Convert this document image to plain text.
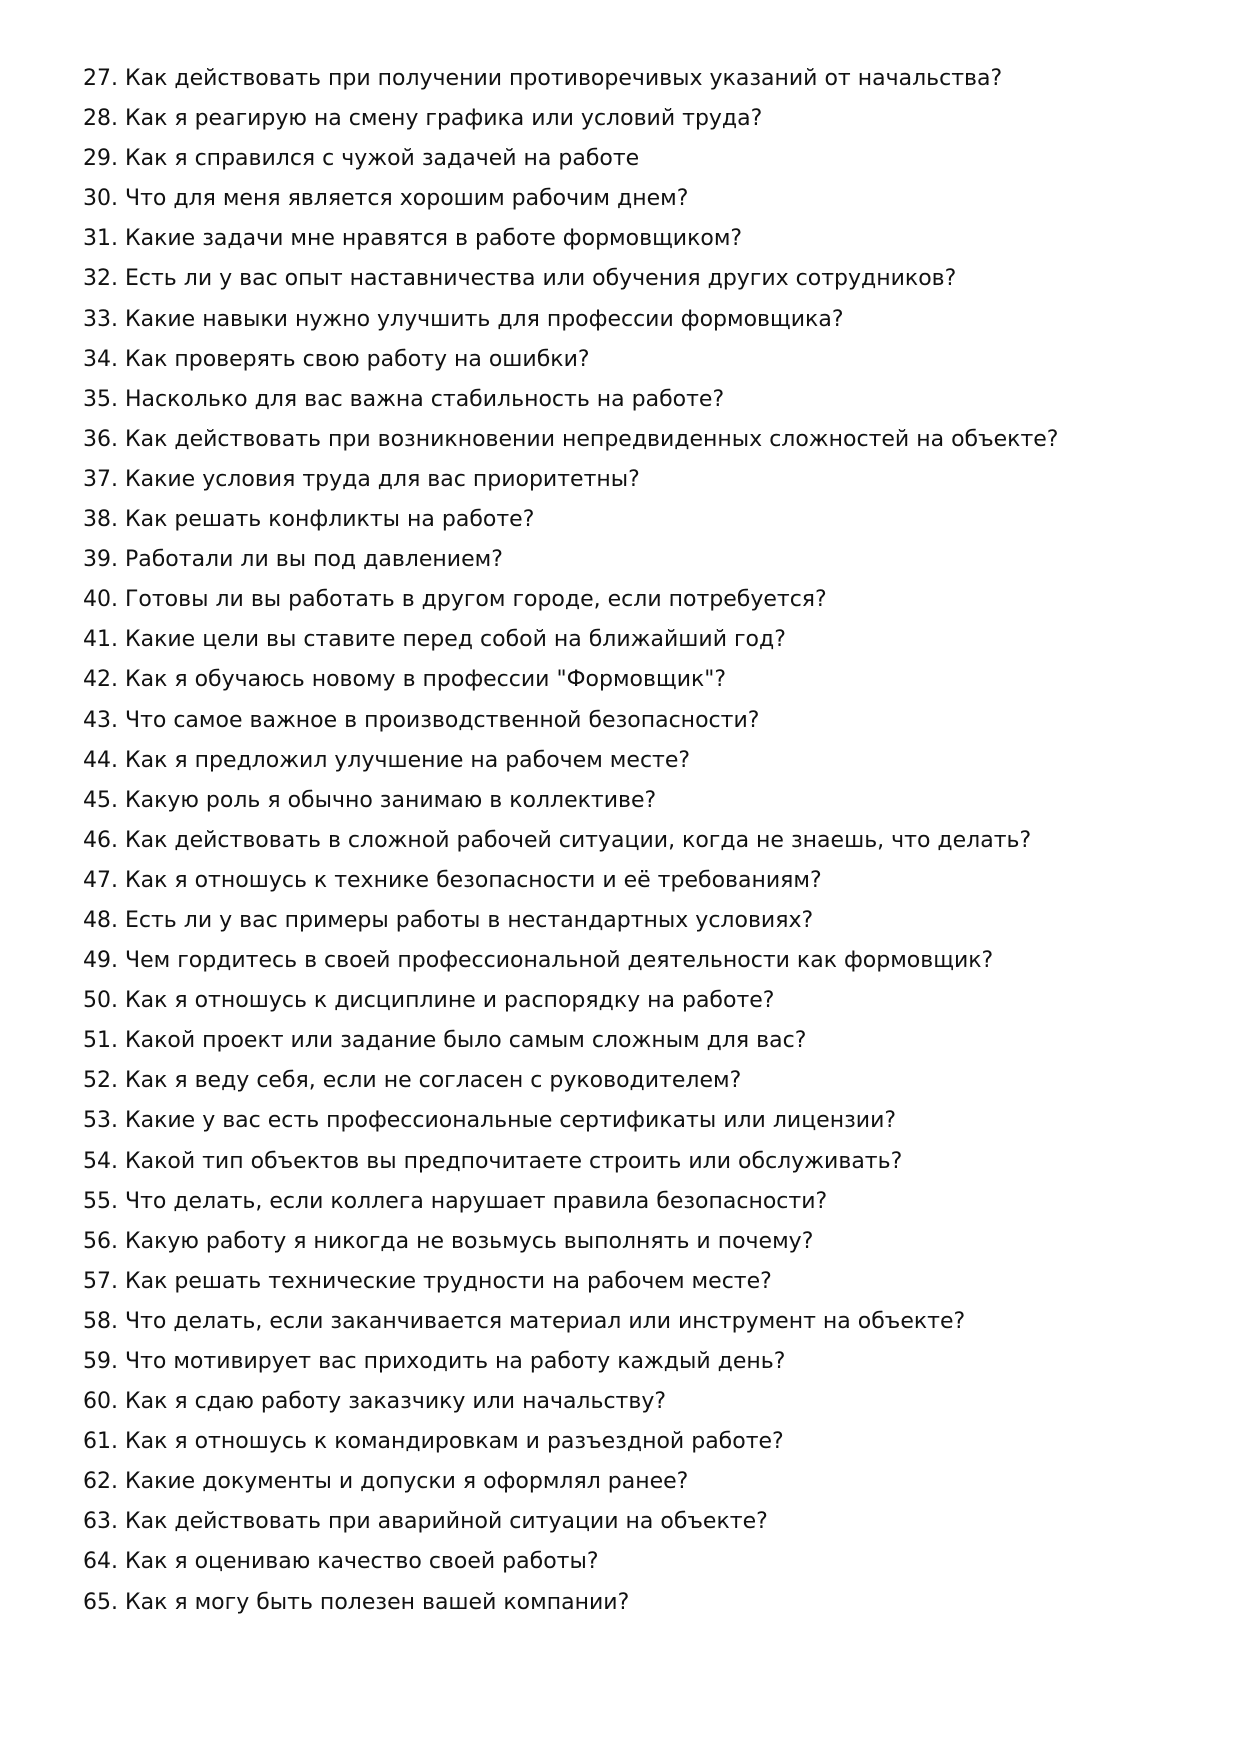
27. Как действовать при получении противоречивых указаний от начальства?
28. Как я реагирую на смену графика или условий труда?
29. Как я справился с чужой задачей на работе
30. Что для меня является хорошим рабочим днем?
31. Какие задачи мне нравятся в работе формовщиком?
32. Есть ли у вас опыт наставничества или обучения других сотрудников?
33. Какие навыки нужно улучшить для профессии формовщика?
34. Как проверять свою работу на ошибки?
35. Насколько для вас важна стабильность на работе?
36. Как действовать при возникновении непредвиденных сложностей на объекте?
37. Какие условия труда для вас приоритетны?
38. Как решать конфликты на работе?
39. Работали ли вы под давлением?
40. Готовы ли вы работать в другом городе, если потребуется?
41. Какие цели вы ставите перед собой на ближайший год?
42. Как я обучаюсь новому в профессии "Формовщик"?
43. Что самое важное в производственной безопасности?
44. Как я предложил улучшение на рабочем месте?
45. Какую роль я обычно занимаю в коллективе?
46. Как действовать в сложной рабочей ситуации, когда не знаешь, что делать?
47. Как я отношусь к технике безопасности и её требованиям?
48. Есть ли у вас примеры работы в нестандартных условиях?
49. Чем гордитесь в своей профессиональной деятельности как формовщик?
50. Как я отношусь к дисциплине и распорядку на работе?
51. Какой проект или задание было самым сложным для вас?
52. Как я веду себя, если не согласен с руководителем?
53. Какие у вас есть профессиональные сертификаты или лицензии?
54. Какой тип объектов вы предпочитаете строить или обслуживать?
55. Что делать, если коллега нарушает правила безопасности?
56. Какую работу я никогда не возьмусь выполнять и почему?
57. Как решать технические трудности на рабочем месте?
58. Что делать, если заканчивается материал или инструмент на объекте?
59. Что мотивирует вас приходить на работу каждый день?
60. Как я сдаю работу заказчику или начальству?
61. Как я отношусь к командировкам и разъездной работе?
62. Какие документы и допуски я оформлял ранее?
63. Как действовать при аварийной ситуации на объекте?
64. Как я оцениваю качество своей работы?
65. Как я могу быть полезен вашей компании?
